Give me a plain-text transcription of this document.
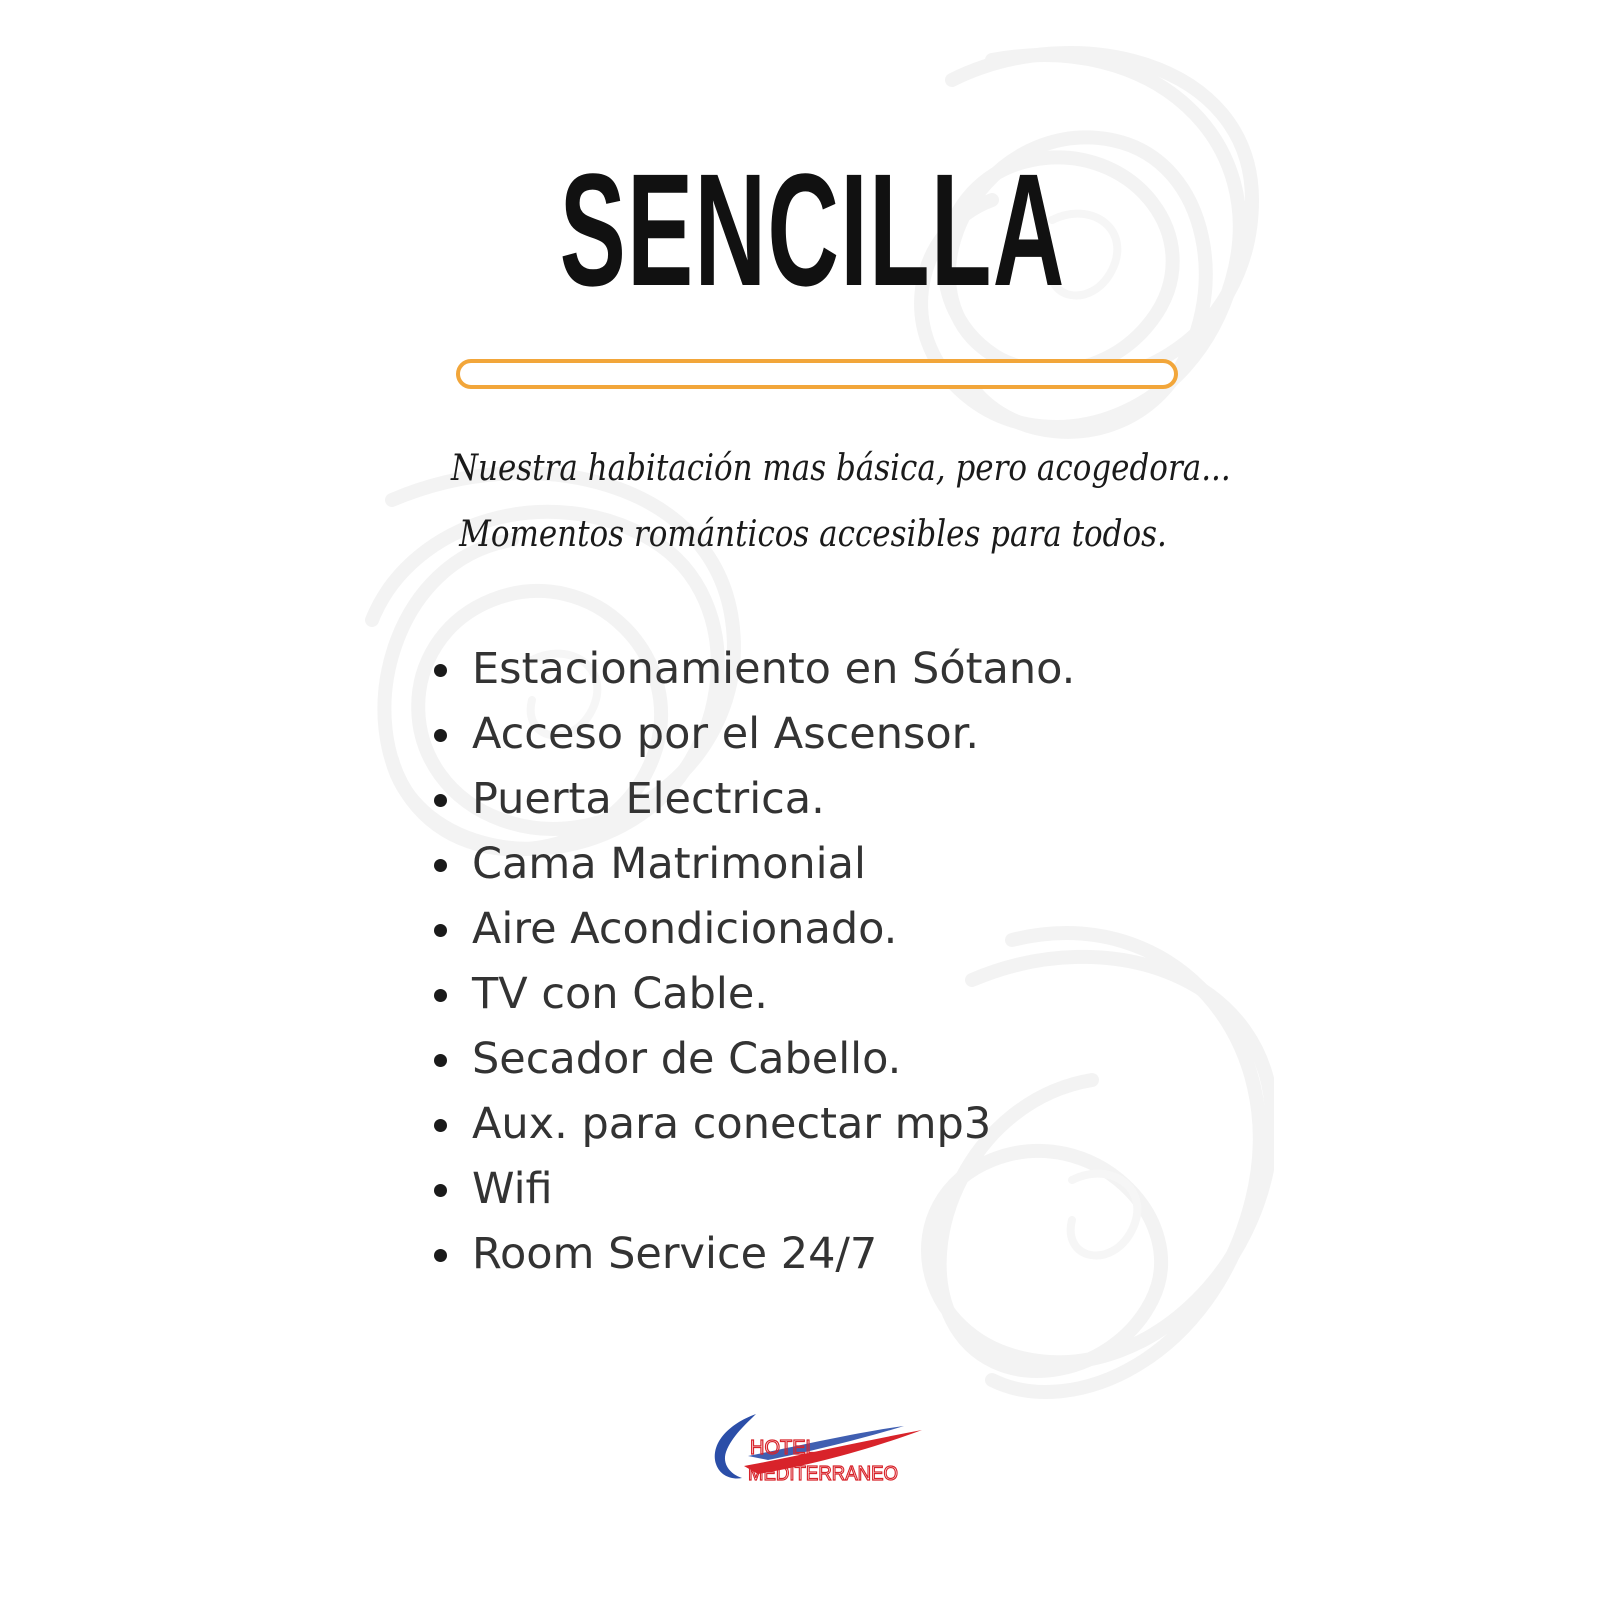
SENCILLA
Nuestra habitación mas básica, pero acogedora...
Momentos románticos accesibles para todos.
Estacionamiento en Sótano.
Acceso por el Ascensor.
Puerta Electrica.
Cama Matrimonial
Aire Acondicionado.
TV con Cable.
Secador de Cabello.
Aux. para conectar mp3
Wifi
Room Service 24/7
HOTEL
MEDITERRANEO
